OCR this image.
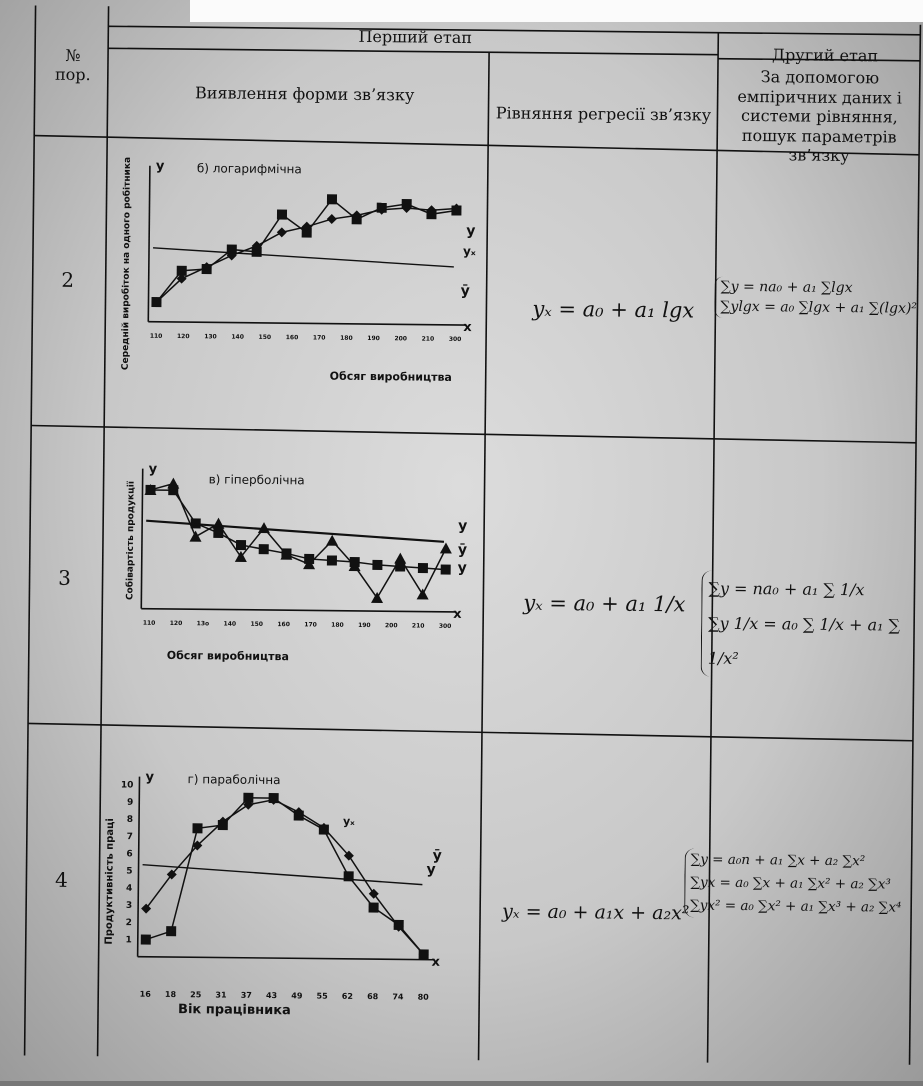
№
пор.
Перший етап
Другий етап
Виявлення форми зв’язку
Рівняння регресії зв’язку
За допомогою емпіричних даних і системи рівняння, пошук параметрів зв’язку
2
3
4
yₓ = a₀ + a₁ lgx
yₓ = a₀ + a₁ 1/x
yₓ = a₀ + a₁x + a₂x²
∑y = na₀ + a₁ ∑lgx
∑ylgx = a₀ ∑lgx + a₁ ∑(lgx)²
∑y = na₀ + a₁ ∑ 1/x
∑y 1/x = a₀ ∑ 1/x + a₁ ∑ 1/x²
∑y = a₀n + a₁ ∑x + a₂ ∑x²
∑yx = a₀ ∑x + a₁ ∑x² + a₂ ∑x³
∑yx² = a₀ ∑x² + a₁ ∑x³ + a₂ ∑x⁴
110 120 130 140 150 160 170 180 190 200 210 300
б) логарифмічна
Обсяг виробництва
Середній виробіток на одного робітника y
x
y
yₓ
ȳ
110 120 13о 140 150 160 170 180 190 200 210 300
в) гіперболічна
Обсяг виробництва
Собівартість продукції
y
x
y
ȳ
y
16 18 25 31 37 43 49 55 62 68 74 80
1
2
3
4
5
6
7
8
9
10	г) параболічна
Вік працівника
Продуктивність праці
y
x
y
yₓ
ȳ
